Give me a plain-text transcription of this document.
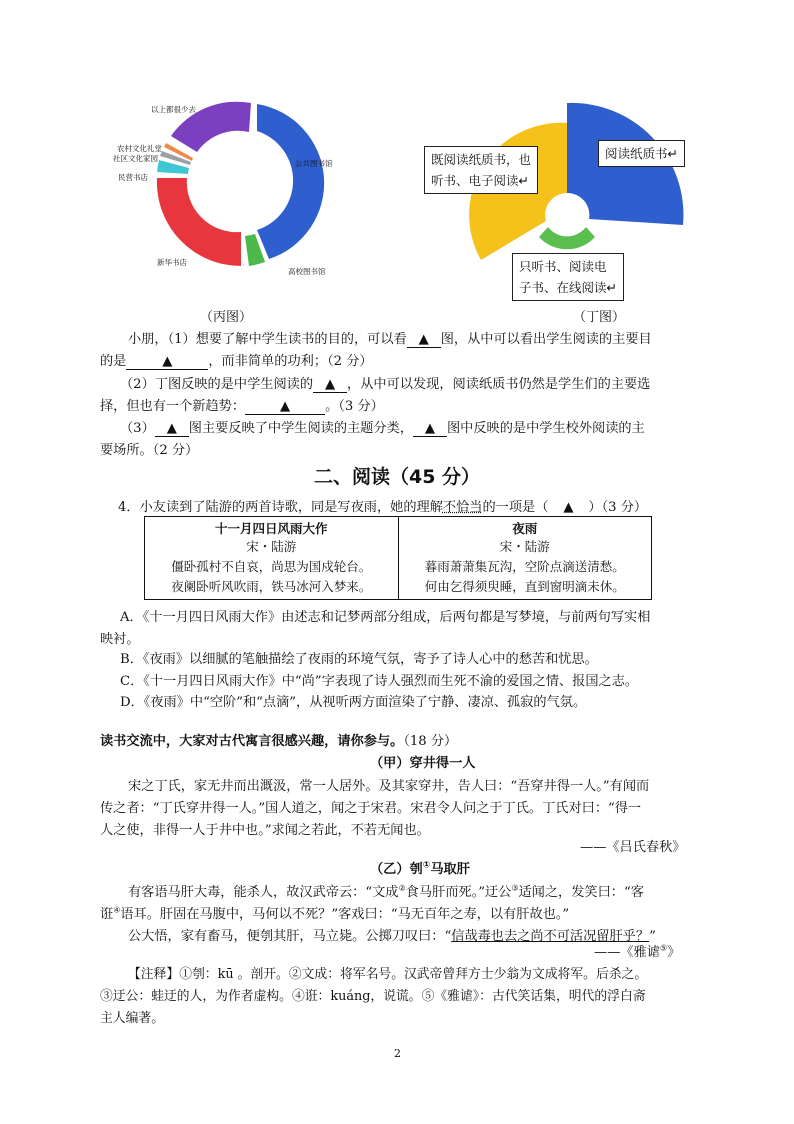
以上都很少去
农村文化礼堂
社区文化家园
民营书店
公共图书馆
高校图书馆
新华书店
阅读纸质书↵
既阅读纸质书，也
听书、电子阅读↵
只听书、阅读电
子书、在线阅读↵
（丙图）	（丁图）
小朋，（1）想要了解中学生读书的目的，可以看 ▲ 图，从中可以看出学生阅读的主要目
的是	▲	，而非简单的功利；（2 分）
（2）丁图反映的是中学生阅读的 ▲ ，从中可以发现，阅读纸质书仍然是学生们的主要选
择，但也有一个新趋势：	▲	。（3 分）
（3） ▲ 图主要反映了中学生阅读的主题分类， ▲ 图中反映的是中学生校外阅读的主
要场所。（2 分）
二、阅读（45 分）
4．小友读到了陆游的两首诗歌，同是写夜雨，她的理解不恰当的一项是（ ▲ ）（3 分）
十一月四日风雨大作
宋・陆游
僵卧孤村不自哀，尚思为国戍轮台。
夜阑卧听风吹雨，铁马冰河入梦来。

夜雨
宋・陆游
暮雨萧萧集瓦沟，空阶点滴送清愁。
何由乞得须臾睡，直到窗明滴未休。
A．《十一月四日风雨大作》由述志和记梦两部分组成，后两句都是写梦境，与前两句写实相
映衬。
B．《夜雨》以细腻的笔触描绘了夜雨的环境气氛，寄予了诗人心中的愁苦和忧思。
C．《十一月四日风雨大作》中“尚”字表现了诗人强烈而生死不渝的爱国之情、报国之志。
D．《夜雨》中“空阶”和“点滴”，从视听两方面渲染了宁静、凄凉、孤寂的气氛。
读书交流中，大家对古代寓言很感兴趣，请你参与。（18 分）
（甲）穿井得一人
宋之丁氏，家无井而出溉汲，常一人居外。及其家穿井，告人曰：“吾穿井得一人。”有闻而
传之者：“丁氏穿井得一人。”国人道之，闻之于宋君。宋君令人问之于丁氏。丁氏对曰：“得一
人之使，非得一人于井中也。”求闻之若此，不若无闻也。
——《吕氏春秋》
（乙）刳①马取肝
有客语马肝大毒，能杀人，故汉武帝云：“文成②食马肝而死。”迂公③适闻之，发笑曰：“客
诳④语耳。肝固在马腹中，马何以不死？”客戏曰：“马无百年之寿，以有肝故也。”
公大悟，家有畜马，便刳其肝，马立毙。公掷刀叹曰：“信哉毒也去之尚不可活况留肝乎？”
——《雅谑⑤》
【注释】①刳：kū 。剖开。②文成：将军名号。汉武帝曾拜方士少翁为文成将军。后杀之。
③迂公：蛙迂的人，为作者虚构。④诳：kuáng，说谎。⑤《雅谑》：古代笑话集，明代的浮白斋
主人编著。
2
